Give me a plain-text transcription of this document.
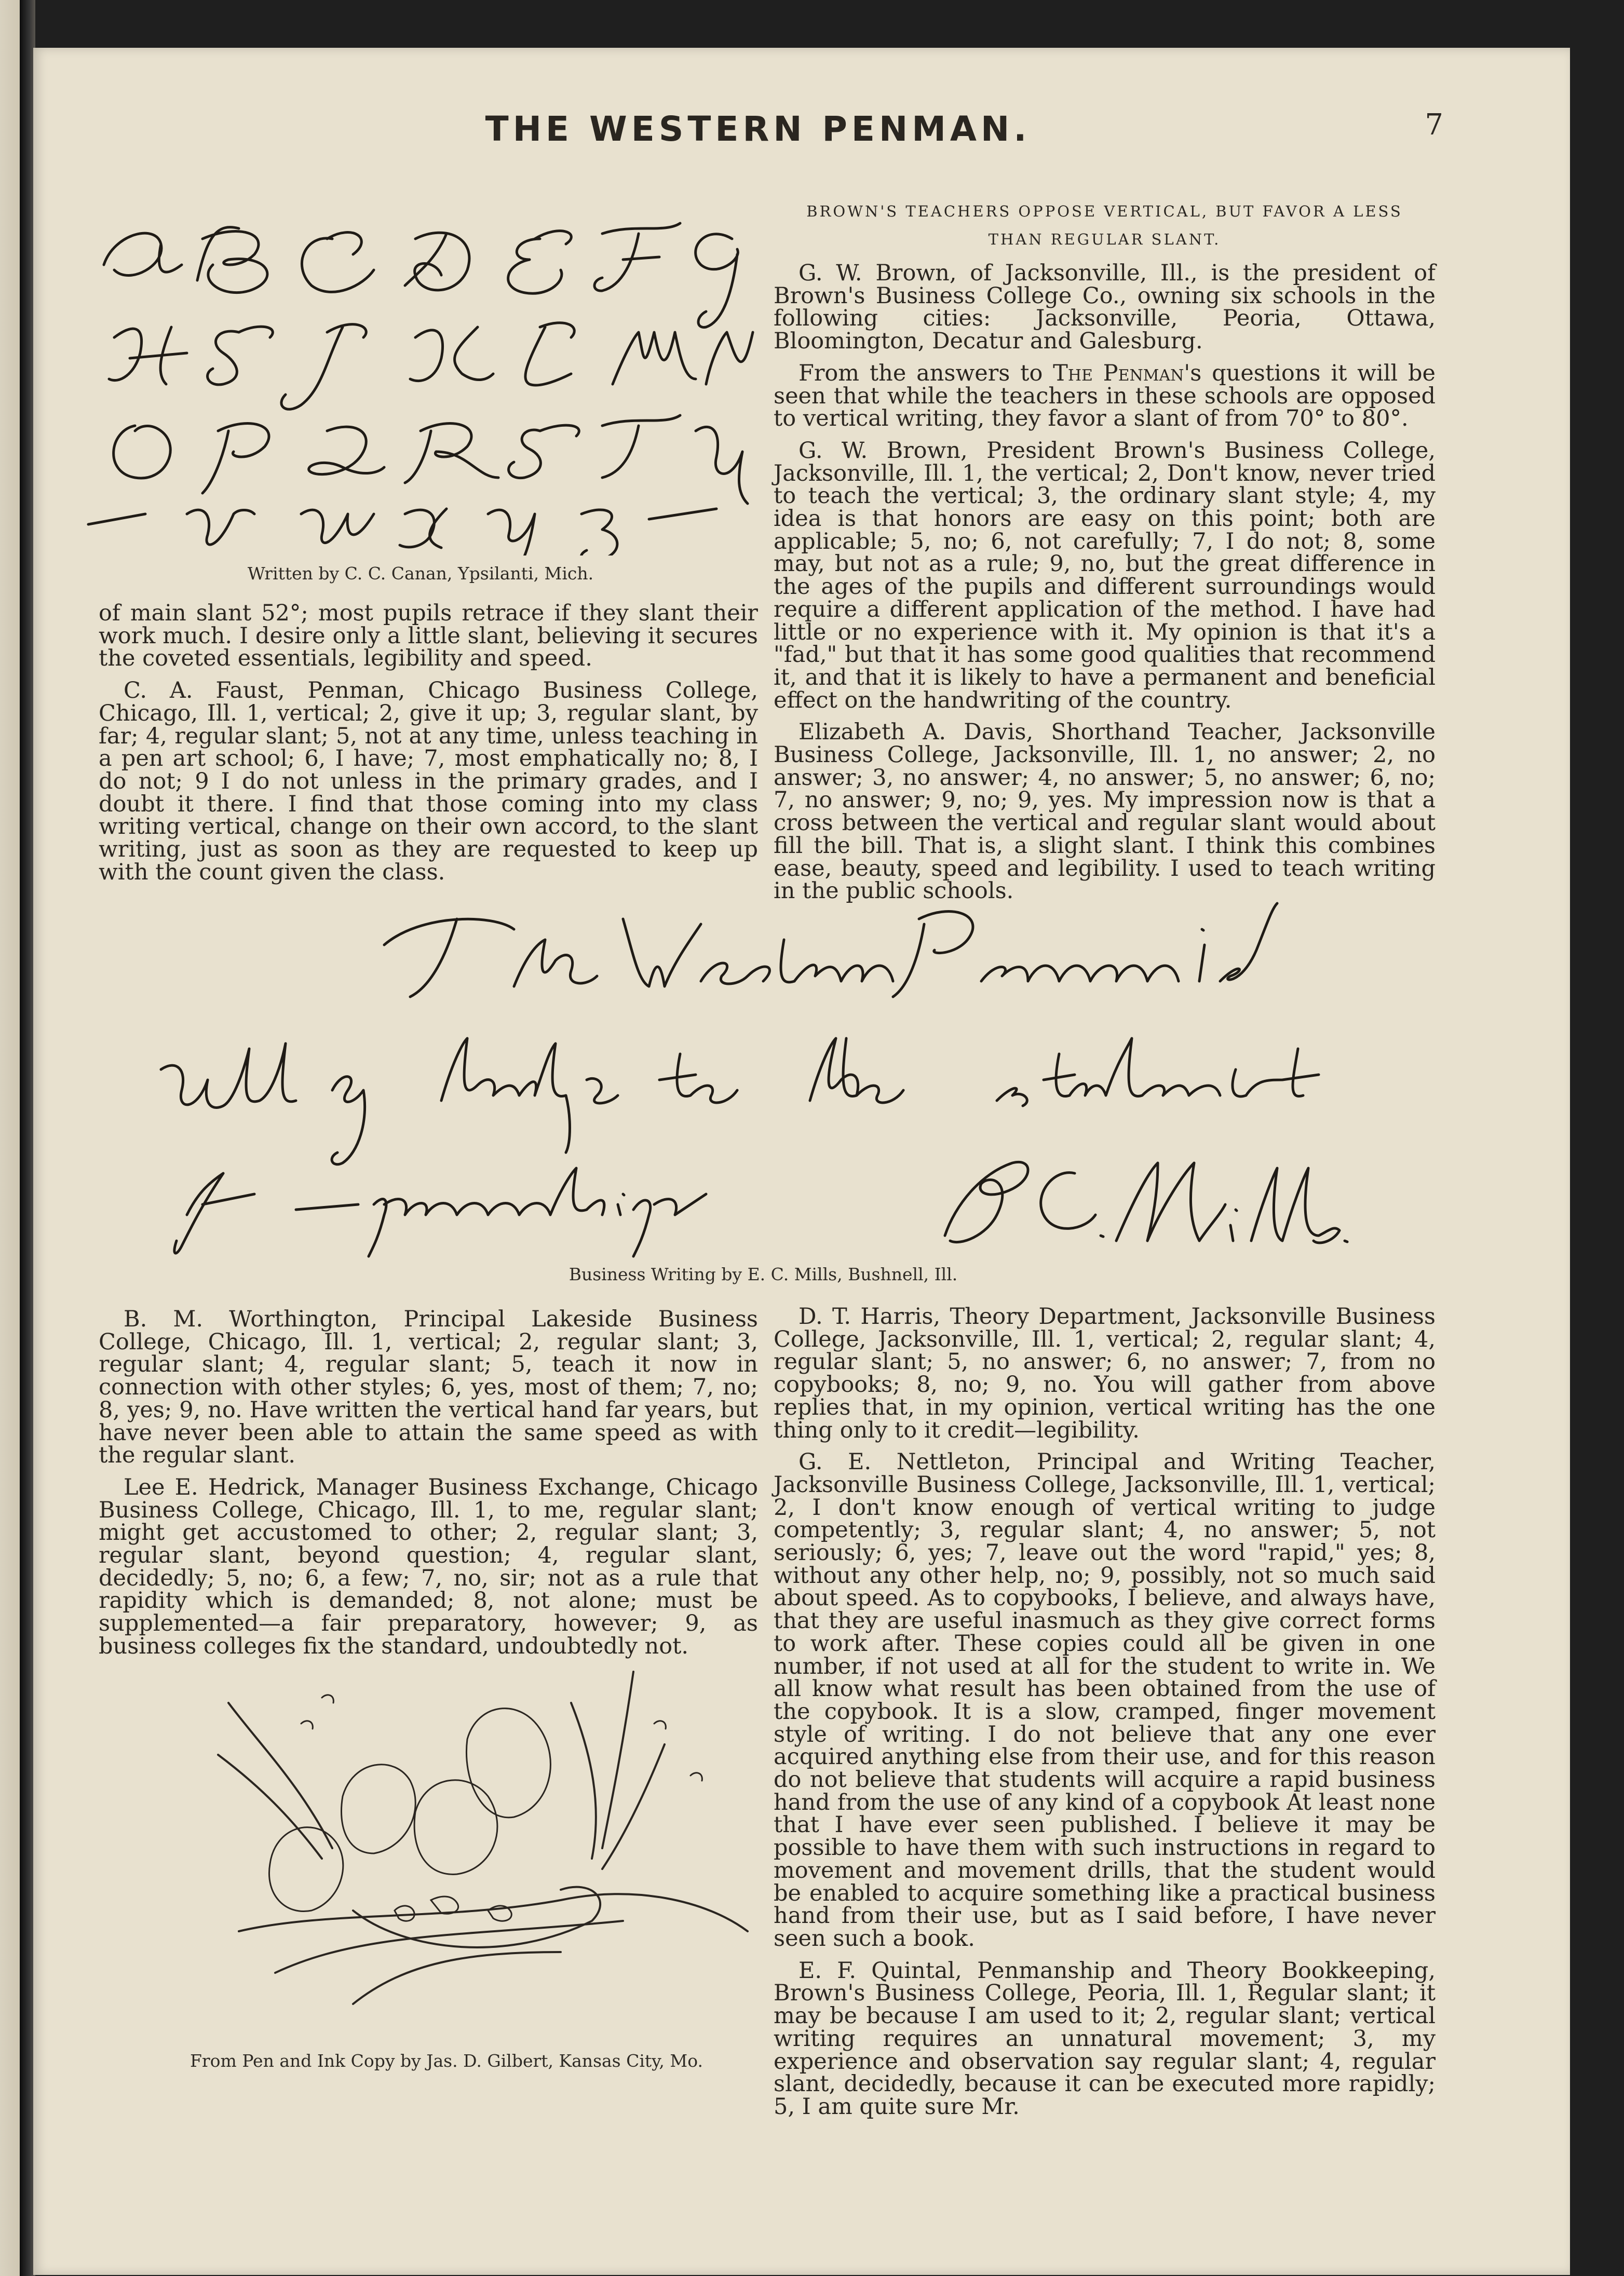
THE WESTERN PENMAN.	7
Written by C. C. Canan, Ypsilanti, Mich.
BROWN'S TEACHERS OPPOSE VERTICAL, BUT FAVOR A LESS
THAN REGULAR SLANT.

of main slant 52°; most pupils retrace if they slant their work much. I desire only a little slant, believing it secures the coveted essentials, legibility and speed.

C. A. Faust, Penman, Chicago Business College, Chicago, Ill. 1, vertical; 2, give it up; 3, regular slant, by far; 4, regular slant; 5, not at any time, unless teaching in a pen art school; 6, I have; 7, most emphatically no; 8, I do not; 9 I do not unless in the primary grades, and I doubt it there. I find that those coming into my class writing vertical, change on their own accord, to the slant writing, just as soon as they are requested to keep up with the count given the class.

G. W. Brown, of Jacksonville, Ill., is the president of Brown's Business College Co., owning six schools in the following cities: Jacksonville, Peoria, Ottawa, Bloomington, Decatur and Galesburg.

From the answers to The Penman's questions it will be seen that while the teachers in these schools are opposed to vertical writing, they favor a slant of from 70° to 80°.

G. W. Brown, President Brown's Business College, Jacksonville, Ill. 1, the vertical; 2, Don't know, never tried to teach the vertical; 3, the ordinary slant style; 4, my idea is that honors are easy on this point; both are applicable; 5, no; 6, not carefully; 7, I do not; 8, some may, but not as a rule; 9, no, but the great difference in the ages of the pupils and different surroundings would require a different application of the method. I have had little or no experience with it. My opinion is that it's a "fad," but that it has some good qualities that recommend it, and that it is likely to have a permanent and beneficial effect on the handwriting of the country.

Elizabeth A. Davis, Shorthand Teacher, Jacksonville Business College, Jacksonville, Ill. 1, no answer; 2, no answer; 3, no answer; 4, no answer; 5, no answer; 6, no; 7, no answer; 9, no; 9, yes. My impression now is that a cross between the vertical and regular slant would about fill the bill. That is, a slight slant. I think this combines ease, beauty, speed and legibility. I used to teach writing in the public schools.

Business Writing by E. C. Mills, Bushnell, Ill.

B. M. Worthington, Principal Lakeside Business College, Chicago, Ill. 1, vertical; 2, regular slant; 3, regular slant; 4, regular slant; 5, teach it now in connection with other styles; 6, yes, most of them; 7, no; 8, yes; 9, no. Have written the vertical hand far years, but have never been able to attain the same speed as with the regular slant.

Lee E. Hedrick, Manager Business Exchange, Chicago Business College, Chicago, Ill. 1, to me, regular slant; might get accustomed to other; 2, regular slant; 3, regular slant, beyond question; 4, regular slant, decidedly; 5, no; 6, a few; 7, no, sir; not as a rule that rapidity which is demanded; 8, not alone; must be supplemented—a fair preparatory, however; 9, as business colleges fix the standard, undoubtedly not.

From Pen and Ink Copy by Jas. D. Gilbert, Kansas City, Mo.

D. T. Harris, Theory Department, Jacksonville Business College, Jacksonville, Ill. 1, vertical; 2, regular slant; 4, regular slant; 5, no answer; 6, no answer; 7, from no copybooks; 8, no; 9, no. You will gather from above replies that, in my opinion, vertical writing has the one thing only to it credit—legibility.

G. E. Nettleton, Principal and Writing Teacher, Jacksonville Business College, Jacksonville, Ill. 1, vertical; 2, I don't know enough of vertical writing to judge competently; 3, regular slant; 4, no answer; 5, not seriously; 6, yes; 7, leave out the word "rapid," yes; 8, without any other help, no; 9, possibly, not so much said about speed. As to copybooks, I believe, and always have, that they are useful inasmuch as they give correct forms to work after. These copies could all be given in one number, if not used at all for the student to write in. We all know what result has been obtained from the use of the copybook. It is a slow, cramped, finger movement style of writing. I do not believe that any one ever acquired anything else from their use, and for this reason do not believe that students will acquire a rapid business hand from the use of any kind of a copybook At least none that I have ever seen published. I believe it may be possible to have them with such instructions in regard to movement and movement drills, that the student would be enabled to acquire something like a practical business hand from their use, but as I said before, I have never seen such a book.

E. F. Quintal, Penmanship and Theory Bookkeeping, Brown's Business College, Peoria, Ill. 1, Regular slant; it may be because I am used to it; 2, regular slant; vertical writing requires an unnatural movement; 3, my experience and observation say regular slant; 4, regular slant, decidedly, because it can be executed more rapidly; 5, I am quite sure Mr.
